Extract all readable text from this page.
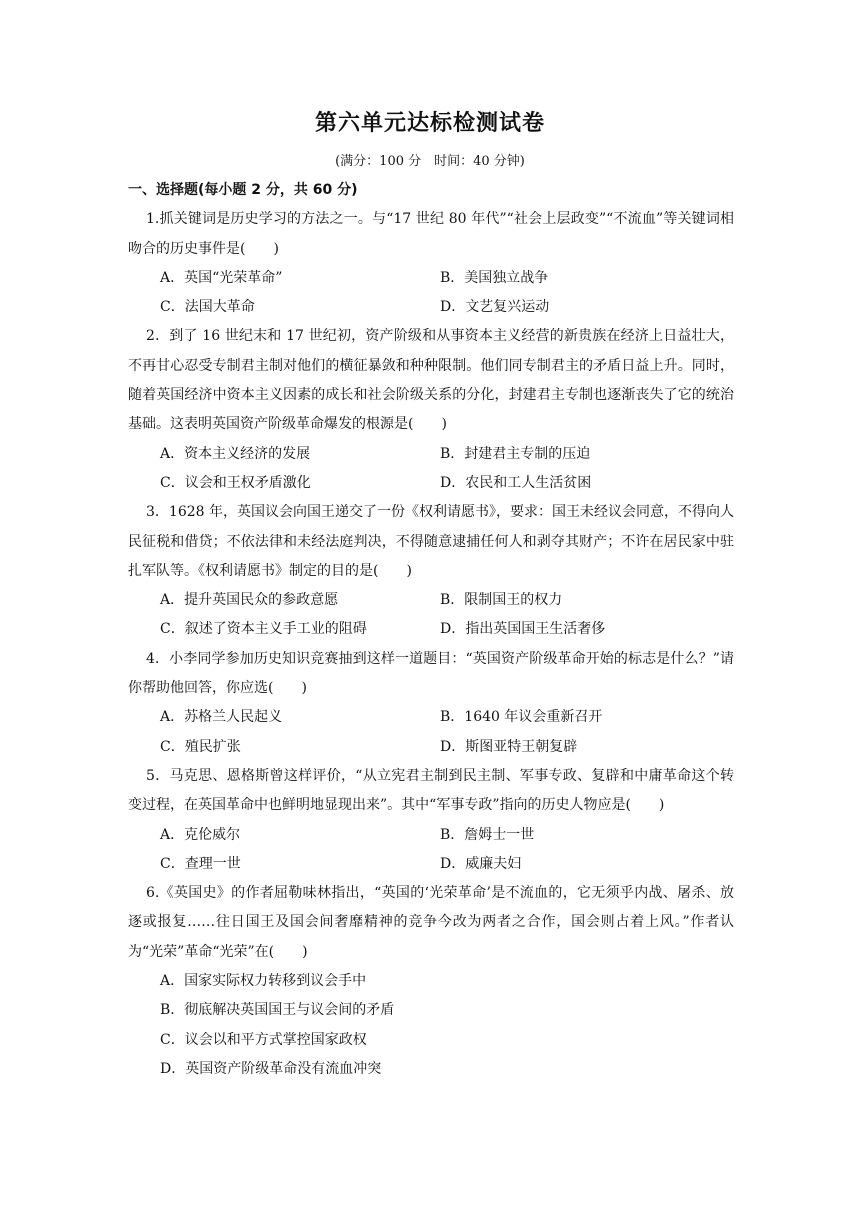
第六单元达标检测试卷
(满分：100 分　时间：40 分钟)
一、选择题(每小题 2 分，共 60 分)
1.抓关键词是历史学习的方法之一。与“17 世纪 80 年代”“社会上层政变”“不流血”等关键词相吻合的历史事件是(　　)
A．英国“光荣革命”	B．美国独立战争
C．法国大革命	D．文艺复兴运动
2．到了 16 世纪末和 17 世纪初，资产阶级和从事资本主义经营的新贵族在经济上日益壮大，不再甘心忍受专制君主制对他们的横征暴敛和种种限制。他们同专制君主的矛盾日益上升。同时，随着英国经济中资本主义因素的成长和社会阶级关系的分化，封建君主专制也逐渐丧失了它的统治基础。这表明英国资产阶级革命爆发的根源是(　　)
A．资本主义经济的发展	B．封建君主专制的压迫
C．议会和王权矛盾激化	D．农民和工人生活贫困
3．1628 年，英国议会向国王递交了一份《权利请愿书》，要求：国王未经议会同意，不得向人民征税和借贷；不依法律和未经法庭判决，不得随意逮捕任何人和剥夺其财产；不许在居民家中驻扎军队等。《权利请愿书》制定的目的是(　　)
A．提升英国民众的参政意愿	B．限制国王的权力
C．叙述了资本主义手工业的阻碍	D．指出英国国王生活奢侈
4．小李同学参加历史知识竞赛抽到这样一道题目：“英国资产阶级革命开始的标志是什么？”请你帮助他回答，你应选(　　)
A．苏格兰人民起义	B．1640 年议会重新召开
C．殖民扩张	D．斯图亚特王朝复辟
5．马克思、恩格斯曾这样评价，“从立宪君主制到民主制、军事专政、复辟和中庸革命这个转变过程，在英国革命中也鲜明地显现出来”。其中“军事专政”指向的历史人物应是(　　)
A．克伦威尔	B．詹姆士一世
C．查理一世	D．威廉夫妇
6.《英国史》的作者屈勒味林指出，“英国的‘光荣革命’是不流血的，它无须乎内战、屠杀、放逐或报复……往日国王及国会间奢靡精神的竞争今改为两者之合作，国会则占着上风。”作者认为“光荣”革命“光荣”在(　　)
A．国家实际权力转移到议会手中
B．彻底解决英国国王与议会间的矛盾
C．议会以和平方式掌控国家政权
D．英国资产阶级革命没有流血冲突
